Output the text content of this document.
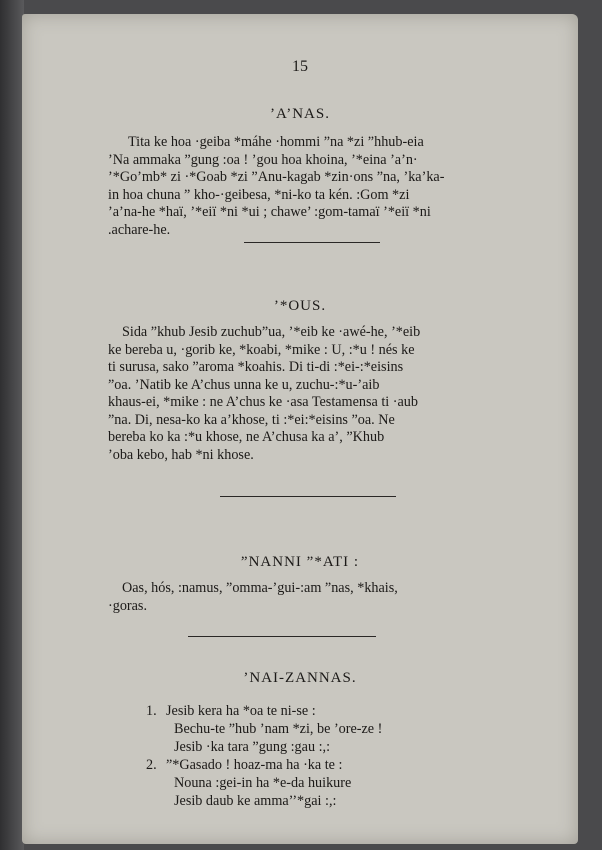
15
’A’NAS.

Tita ke hoa ·geiba *máhe ·hommi ”na *zi ”hhub-eia

’Na ammaka ”gung :oa ! ’gou hoa khoina, ’*eina ’a’n·

’*Go’mb* zi ·*Goab *zi ”Anu-kagab *zin·ons ”na, ’ka’ka-

in hoa chuna ” kho-·geibesa, *ni-ko ta kén. :Gom *zi

’a’na-he *haï, ’*eiï *ni *ui ; chawe’ :gom-tamaï ’*eiï *ni

.achare-he.

’*OUS.

Sida ”khub Jesib zuchub”ua, ’*eib ke ·awé-he, ’*eib

ke bereba u, ·gorib ke, *koabi, *mike : U, :*u ! nés ke

ti surusa, sako ”aroma *koahis. Di ti-di :*ei-:*eisins

”oa. ’Natib ke A’chus unna ke u, zuchu-:*u-’aib

khaus-ei, *mike : ne A’chus ke ·asa Testamensa ti ·aub

”na. Di, nesa-ko ka a’khose, ti :*ei:*eisins ”oa. Ne

bereba ko ka :*u khose, ne A’chusa ka a’, ”Khub

’oba kebo, hab *ni khose.

”NANNI ”*ATI :

Oas, hós, :namus, ”omma-’gui-:am ”nas, *khais,

·goras.

’NAI-ZANNAS.
1. Jesib kera ha *oa te ni-se :
Bechu-te ”hub ’nam *zi, be ’ore-ze !
Jesib ·ka tara ”gung :gau :,:
2. ”*Gasado ! hoaz-ma ha ·ka te :
Nouna :gei-in ha *e-da huikure
Jesib daub ke amma’’*gai :,:
